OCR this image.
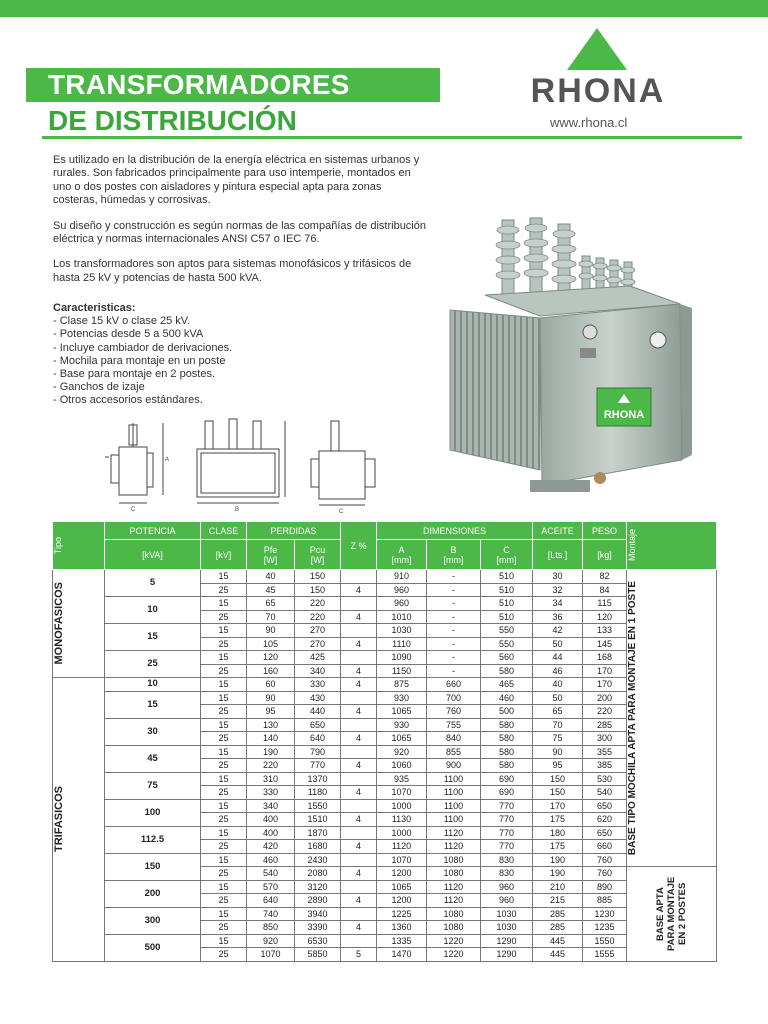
TRANSFORMADORES
DE DISTRIBUCIÓN
RHONA
www.rhona.cl

Es utilizado en la distribución de la energía eléctrica en sistemas urbanos y rurales. Son fabricados principalmente para uso intemperie, montados en uno o dos postes con aisladores y pintura especial apta para zonas costeras, húmedas y corrosivas.

Su diseño y construcción es según normas de las compañías de distribución eléctrica y normas internacionales ANSI C57 o IEC 76.

Los transformadores son aptos para sistemas monofásicos y trifásicos de hasta 25 kV y potencias de hasta 500 kVA.

Caracteristicas:
- Clase 15 kV o clase 25 kV.
- Potencias desde 5 a 500 kVA
- Incluye cambiador de derivaciones.
- Mochila para montaje en un poste
- Base para montaje en 2 postes.
- Ganchos de izaje
- Otros accesorios estándares.
RHONA
C	B
A
C
Tipo	POTENCIA	CLASE	PERDIDAS		Z %	DIMENSIONES			ACEITE	PESO	Montaje

	[kVA]	[kV]	Pfe
[W]	Pcu
[W]		A
[mm]	B
[mm]	C
[mm]	[Lts.]	[kg]	

MONOFASICOS	5	15	40	150		910	-	510	30	82	BASE TIPO MOCHILA APTA PARA MONTAJE EN 1 POSTE

		25	45	150	4	960	-	510	32	84	
	10	15	65	220		960	-	510	34	115	
		25	70	220	4	1010	-	510	36	120	
	15	15	90	270		1030	-	550	42	133	
		25	105	270	4	1110	-	550	50	145	
	25	15	120	425		1090	-	560	44	168	
		25	160	340	4	1150	-	580	46	170	

TRIFASICOS	10	15	60	330	4	875	660	465	40	170	
	15	15	90	430		930	700	460	50	200	
		25	95	440	4	1065	760	500	65	220	
	30	15	130	650		930	755	580	70	285	
		25	140	640	4	1065	840	580	75	300	
	45	15	190	790		920	855	580	90	355	
		25	220	770	4	1060	900	580	95	385	
	75	15	310	1370		935	1100	690	150	530	
		25	330	1180	4	1070	1100	690	150	540	
	100	15	340	1550		1000	1100	770	170	650	
		25	400	1510	4	1130	1100	770	175	620	
	112.5	15	400	1870		1000	1120	770	180	650	
		25	420	1680	4	1120	1120	770	175	660	
	150	15	460	2430		1070	1080	830	190	760	
		25	540	2080	4	1200	1080	830	190	760	BASE APTA PARA MONTAJE EN 2 POSTES

	200	15	570	3120		1065	1120	960	210	890	
		25	640	2890	4	1200	1120	960	215	885	
	300	15	740	3940		1225	1080	1030	285	1230	
		25	850	3390	4	1360	1080	1030	285	1235	
	500	15	920	6530		1335	1220	1290	445	1550	
		25	1070	5850	5	1470	1220	1290	445	1555	
